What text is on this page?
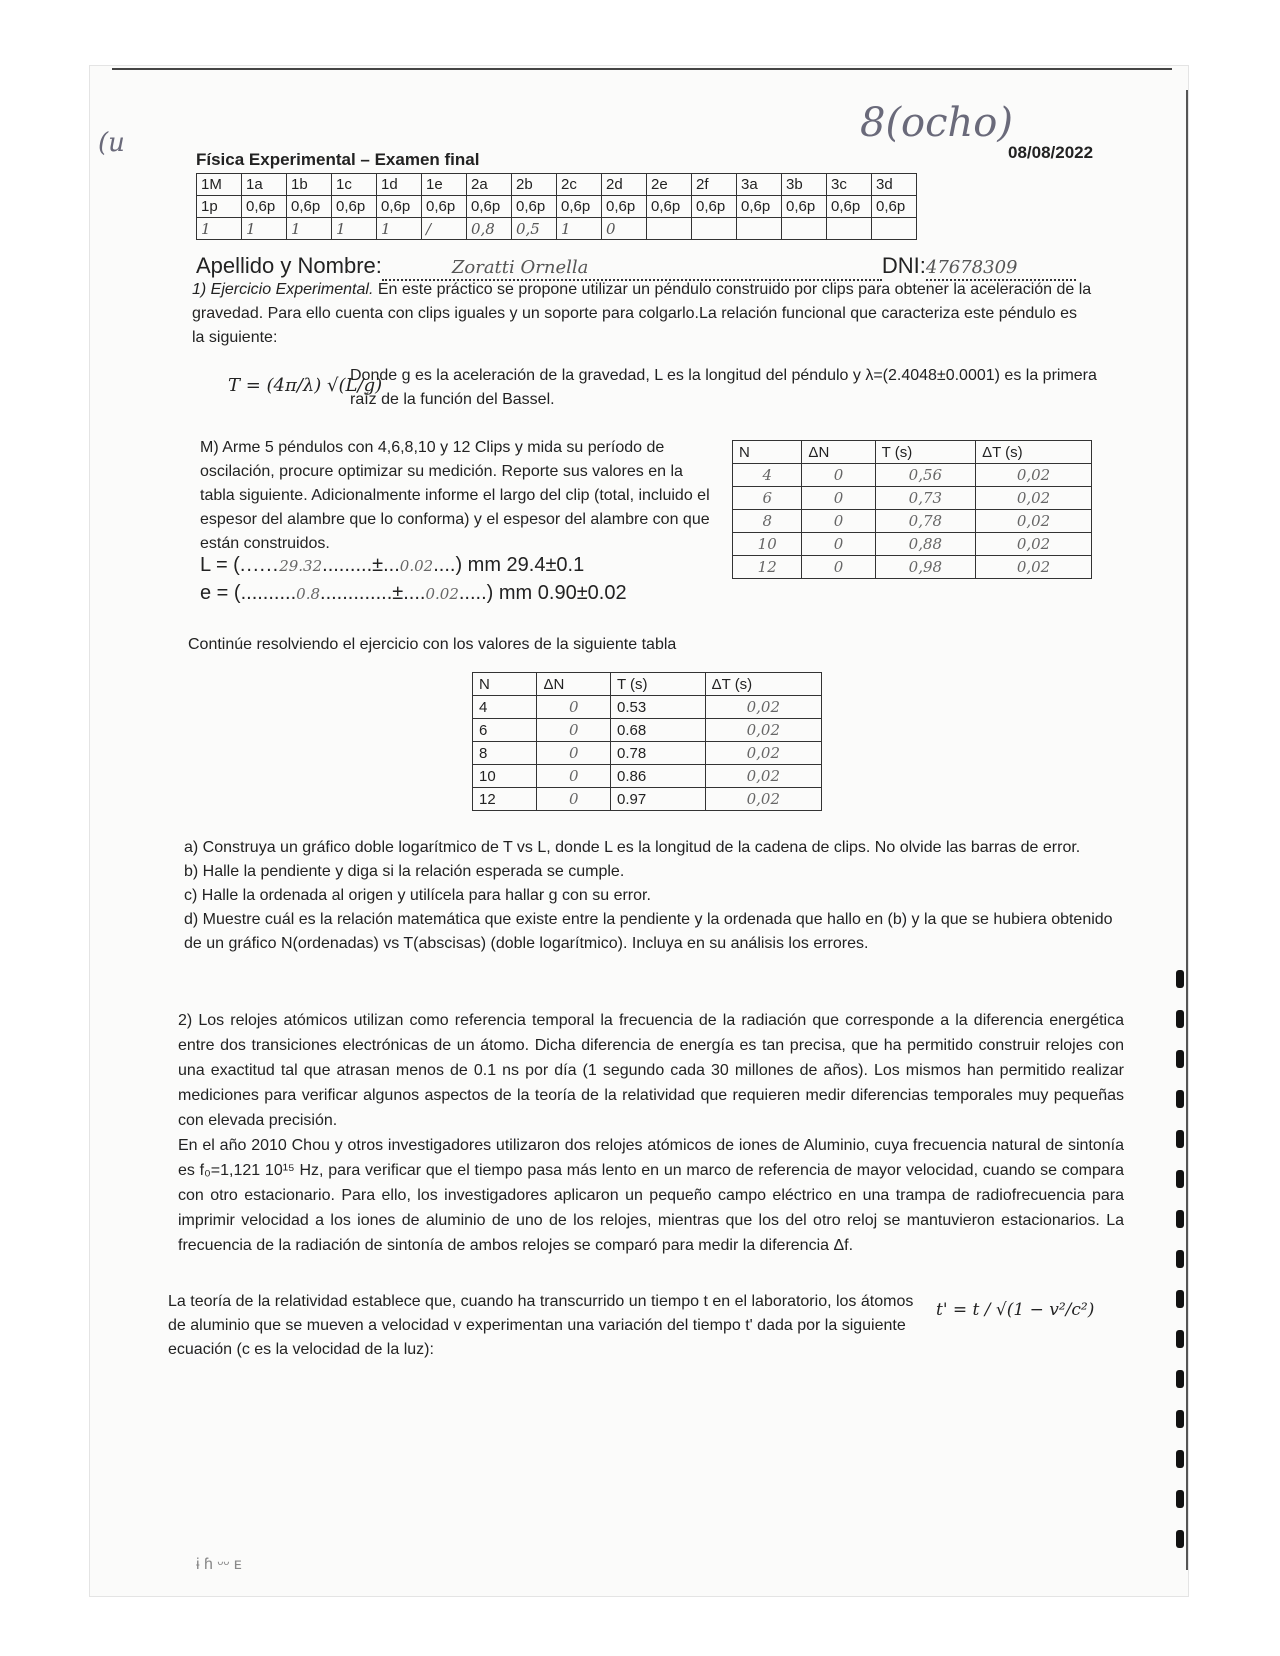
(u	8(ocho)
Física Experimental – Examen final	08/08/2022
1M	1a	1b	1c	1d	1e	2a	2b	2c	2d	2e	2f	3a	3b	3c	3d
1p	0,6p	0,6p	0,6p	0,6p	0,6p	0,6p	0,6p	0,6p	0,6p	0,6p	0,6p	0,6p	0,6p	0,6p	0,6p
1	1	1	1	1	/	0,8	0,5	1	0						
Apellido y Nombre:	Zoratti Ornella	DNI:47678309
1) Ejercicio Experimental. En este práctico se propone utilizar un péndulo construido por clips para obtener la aceleración de la gravedad. Para ello cuenta con clips iguales y un soporte para colgarlo.La relación funcional que caracteriza este péndulo es la siguiente:
T = (4π/λ) √(L/g)
Donde g es la aceleración de la gravedad, L es la longitud del péndulo y λ=(2.4048±0.0001) es la primera raíz de la función del Bassel.
M) Arme 5 péndulos con 4,6,8,10 y 12 Clips y mida su período de oscilación, procure optimizar su medición. Reporte sus valores en la tabla siguiente. Adicionalmente informe el largo del clip (total, incluido el espesor del alambre que lo conforma) y el espesor del alambre con que están construidos.
L = (......29.32.........±...0.02....) mm 29.4±0.1
e = (..........0.8.............±....0.02.....) mm 0.90±0.02
N	ΔN	T (s)	ΔT (s)
4	0	0,56	0,02
6	0	0,73	0,02
8	0	0,78	0,02
10	0	0,88	0,02
12	0	0,98	0,02
Continúe resolviendo el ejercicio con los valores de la siguiente tabla
N	ΔN	T (s)	ΔT (s)
4	0	0.53	0,02
6	0	0.68	0,02
8	0	0.78	0,02
10	0	0.86	0,02
12	0	0.97	0,02
a) Construya un gráfico doble logarítmico de T vs L, donde L es la longitud de la cadena de clips. No olvide las barras de error.
b) Halle la pendiente y diga si la relación esperada se cumple.
c) Halle la ordenada al origen y utilícela para hallar g con su error.
d) Muestre cuál es la relación matemática que existe entre la pendiente y la ordenada que hallo en (b) y la que se hubiera obtenido de un gráfico N(ordenadas) vs T(abscisas) (doble logarítmico). Incluya en su análisis los errores.
2) Los relojes atómicos utilizan como referencia temporal la frecuencia de la radiación que corresponde a la diferencia energética entre dos transiciones electrónicas de un átomo. Dicha diferencia de energía es tan precisa, que ha permitido construir relojes con una exactitud tal que atrasan menos de 0.1 ns por día (1 segundo cada 30 millones de años). Los mismos han permitido realizar mediciones para verificar algunos aspectos de la teoría de la relatividad que requieren medir diferencias temporales muy pequeñas con elevada precisión.
En el año 2010 Chou y otros investigadores utilizaron dos relojes atómicos de iones de Aluminio, cuya frecuencia natural de sintonía es f₀=1,121 10¹⁵ Hz, para verificar que el tiempo pasa más lento en un marco de referencia de mayor velocidad, cuando se compara con otro estacionario. Para ello, los investigadores aplicaron un pequeño campo eléctrico en una trampa de radiofrecuencia para imprimir velocidad a los iones de aluminio de uno de los relojes, mientras que los del otro reloj se mantuvieron estacionarios. La frecuencia de la radiación de sintonía de ambos relojes se comparó para medir la diferencia Δf.
La teoría de la relatividad establece que, cuando ha transcurrido un tiempo t en el laboratorio, los átomos de aluminio que se mueven a velocidad v experimentan una variación del tiempo t' dada por la siguiente ecuación (c es la velocidad de la luz):
t' = t / √(1 − v²/c²)
ɨ ɦ ᵕᵕ ᴇ
